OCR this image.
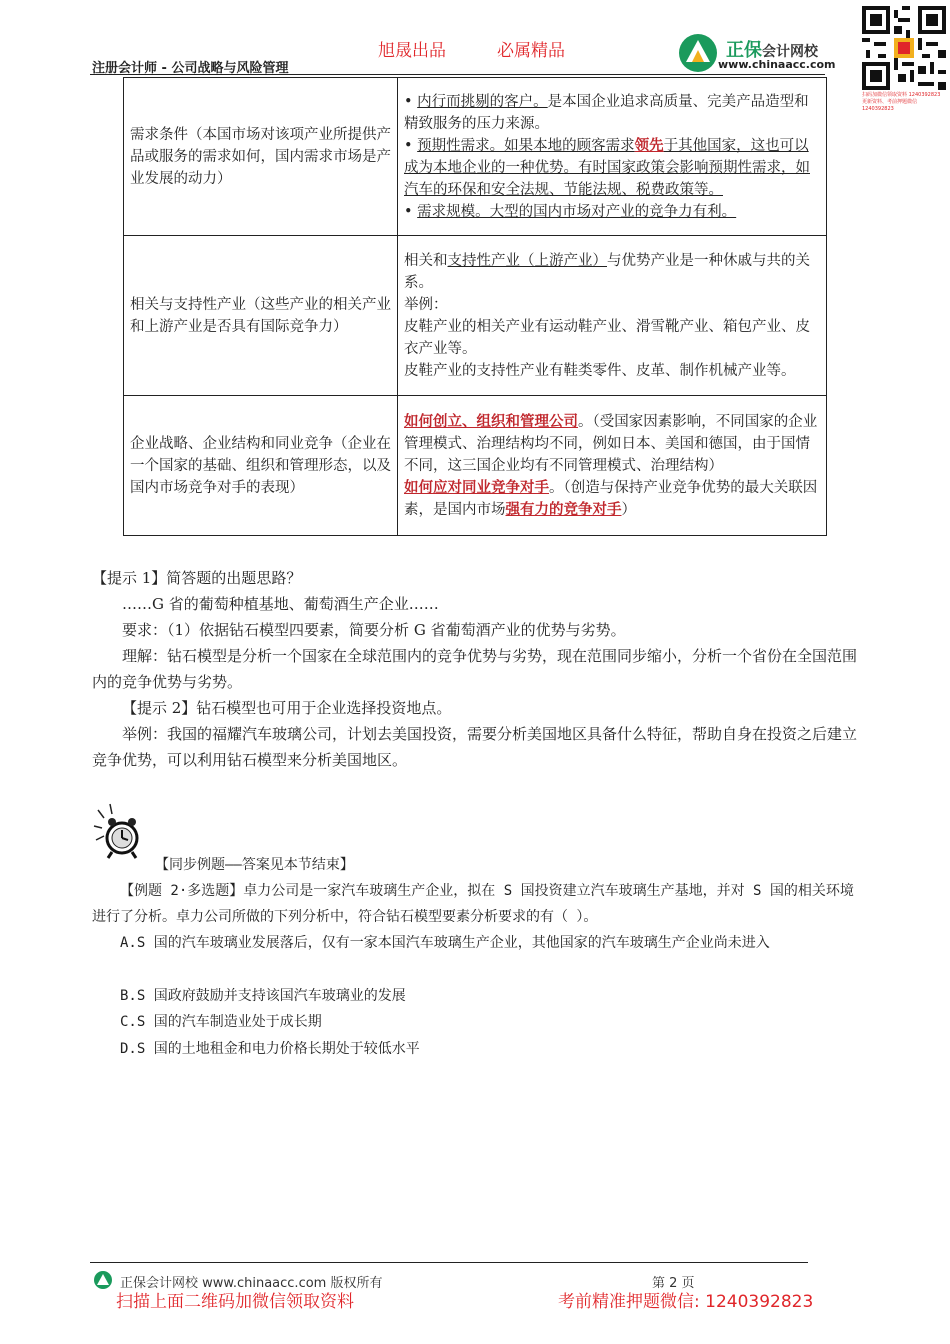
旭晟出品	必属精品
注册会计师 - 公司战略与风险管理
正保会计网校
www.chinaacc.com
扫码加微信领取资料 1240392823 更新资料、考前押题微信 1240392823
需求条件（本国市场对该项产业所提供产品或服务的需求如何，国内需求市场是产业发展的动力）	• 内行而挑剔的客户。是本国企业追求高质量、完美产品造型和精致服务的压力来源。
• 预期性需求。如果本地的顾客需求领先于其他国家，这也可以成为本地企业的一种优势。有时国家政策会影响预期性需求，如汽车的环保和安全法规、节能法规、税费政策等。
• 需求规模。大型的国内市场对产业的竞争力有利。

相关与支持性产业（这些产业的相关产业和上游产业是否具有国际竞争力）	相关和支持性产业（上游产业）与优势产业是一种休戚与共的关系。
举例：
皮鞋产业的相关产业有运动鞋产业、滑雪靴产业、箱包产业、皮衣产业等。
皮鞋产业的支持性产业有鞋类零件、皮革、制作机械产业等。

企业战略、企业结构和同业竞争（企业在一个国家的基础、组织和管理形态，以及国内市场竞争对手的表现）	如何创立、组织和管理公司。（受国家因素影响，不同国家的企业管理模式、治理结构均不同，例如日本、美国和德国，由于国情不同，这三国企业均有不同管理模式、治理结构）
如何应对同业竞争对手。（创造与保持产业竞争优势的最大关联因素，是国内市场强有力的竞争对手）
【提示 1】简答题的出题思路？
……G 省的葡萄种植基地、葡萄酒生产企业……
要求：（1）依据钻石模型四要素，简要分析 G 省葡萄酒产业的优势与劣势。
理解：钻石模型是分析一个国家在全球范围内的竞争优势与劣势，现在范围同步缩小，分析一个省份在全国范围内的竞争优势与劣势。
【提示 2】钻石模型也可用于企业选择投资地点。
举例：我国的福耀汽车玻璃公司，计划去美国投资，需要分析美国地区具备什么特征，帮助自身在投资之后建立竞争优势，可以利用钻石模型来分析美国地区。
【同步例题——答案见本节结束】
【例题 2·多选题】卓力公司是一家汽车玻璃生产企业，拟在 S 国投资建立汽车玻璃生产基地，并对 S 国的相关环境进行了分析。卓力公司所做的下列分析中，符合钻石模型要素分析要求的有（ ）。
A.S 国的汽车玻璃业发展落后，仅有一家本国汽车玻璃生产企业，其他国家的汽车玻璃生产企业尚未进入
B.S 国政府鼓励并支持该国汽车玻璃业的发展
C.S 国的汽车制造业处于成长期
D.S 国的土地租金和电力价格长期处于较低水平
正保会计网校 www.chinaacc.com 版权所有	第 2 页
扫描上面二维码加微信领取资料	考前精准押题微信: 1240392823
